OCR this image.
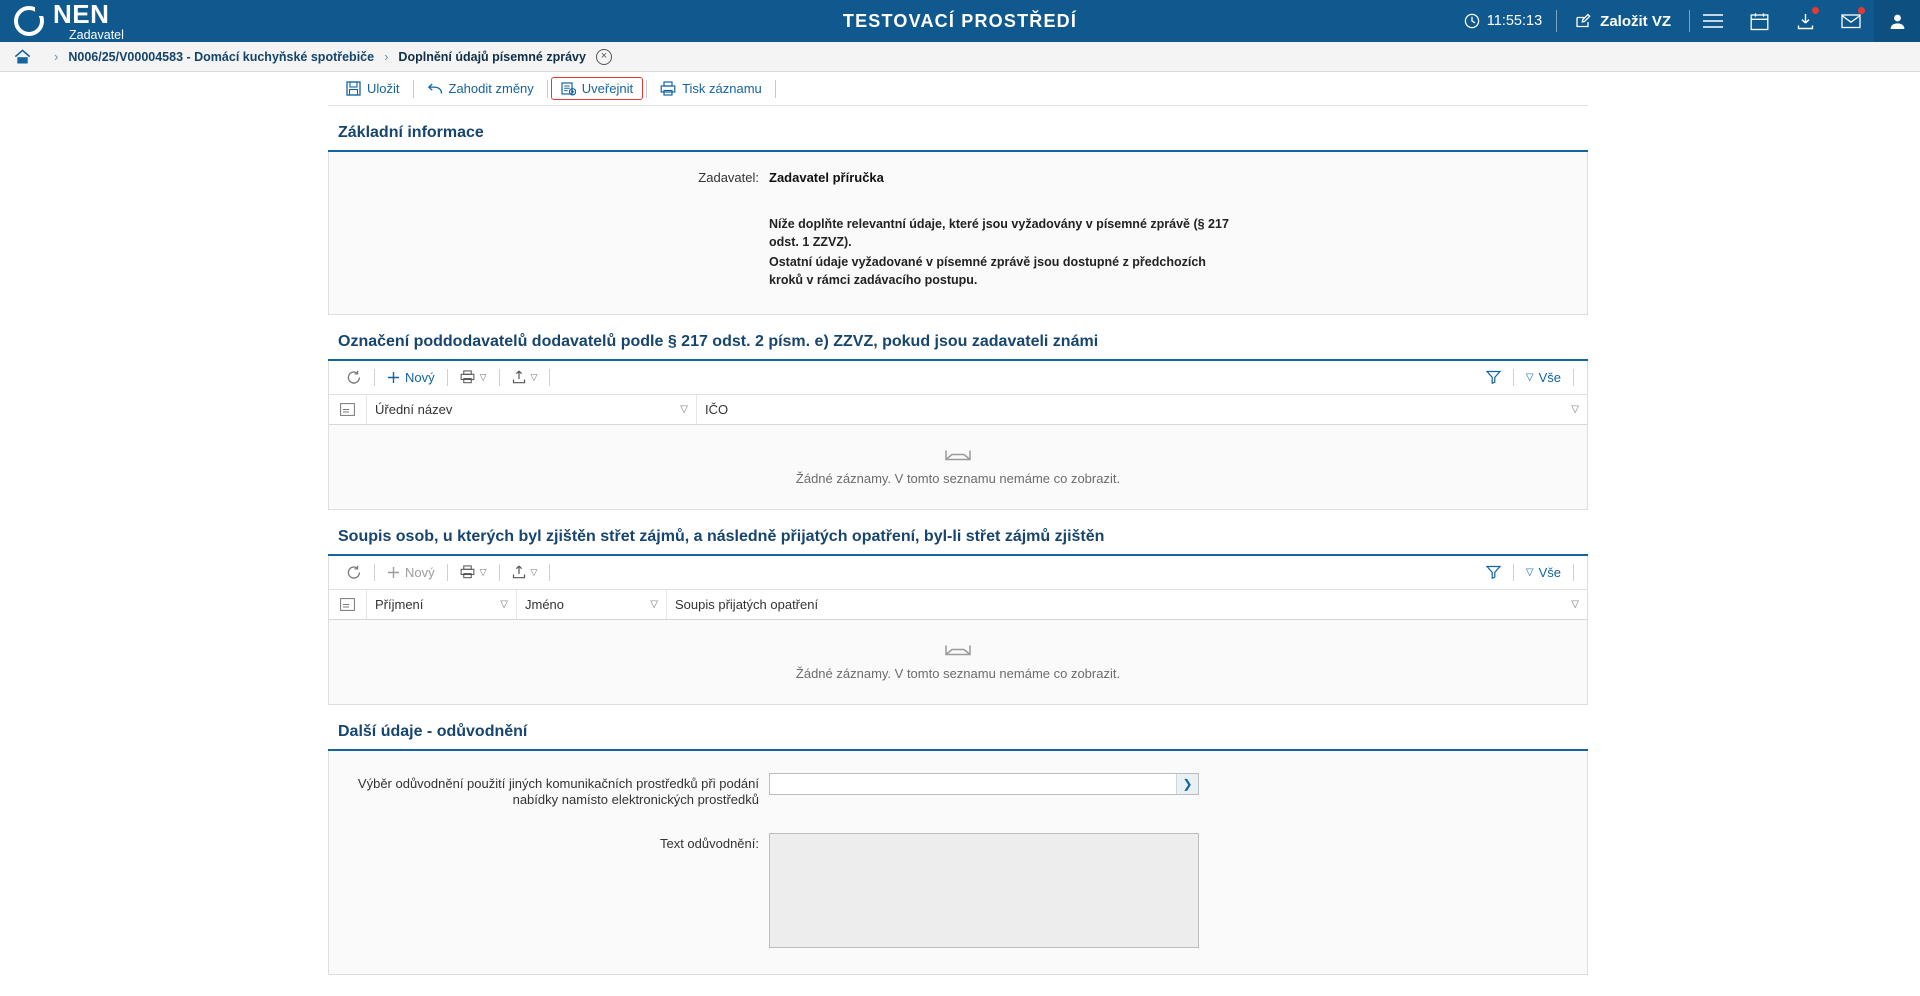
NEN
Zadavatel
TESTOVACÍ PROSTŘEDÍ	11:55:13	Založit VZ
› N006/25/V00004583 - Domácí kuchyňské spotřebiče › Doplnění údajů písemné zprávy	×
Uložit	Zahodit změny	Uveřejnit	Tisk záznamu
Základní informace
Zadavatel: Zadavatel příručka

Níže doplňte relevantní údaje, které jsou vyžadovány v písemné zprávě (§ 217 odst. 1 ZZVZ).

Ostatní údaje vyžadované v písemné zprávě jsou dostupné z předchozích kroků v rámci zadávacího postupu.

Označení poddodavatelů dodavatelů podle § 217 odst. 2 písm. e) ZZVZ, pokud jsou zadavateli známi
Nový	▽	▽	▽ Vše
Úřední název	▽ IČO	▽
Žádné záznamy. V tomto seznamu nemáme co zobrazit.
Soupis osob, u kterých byl zjištěn střet zájmů, a následně přijatých opatření, byl-li střet zájmů zjištěn
Nový	▽	▽	▽ Vše
Příjmení	▽ Jméno	▽ Soupis přijatých opatření	▽
Žádné záznamy. V tomto seznamu nemáme co zobrazit.
Další údaje - odůvodnění
Výběr odůvodnění použití jiných komunikačních prostředků při podání
nabídky namísto elektronických prostředků
❯
Text odůvodnění:
